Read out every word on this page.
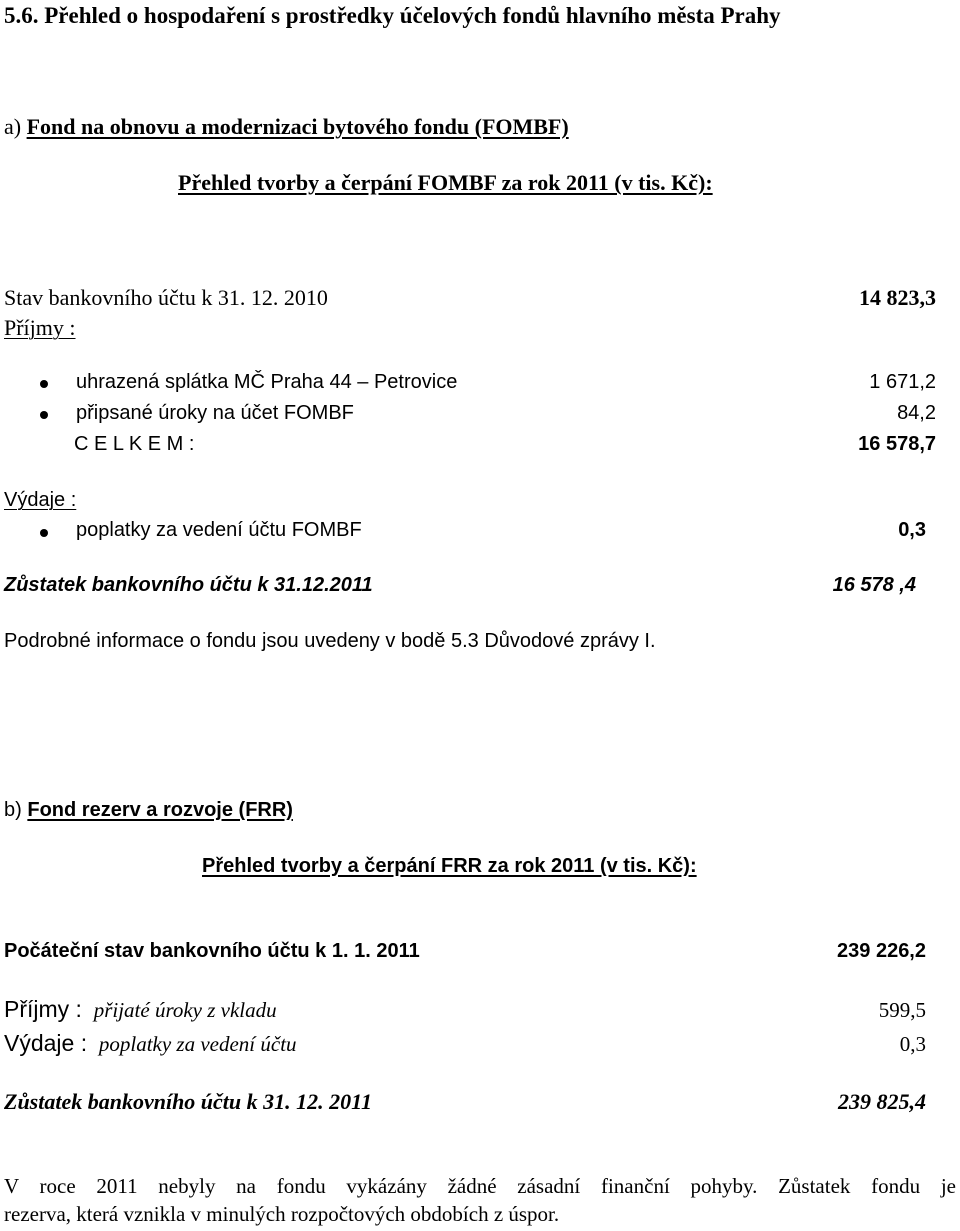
5.6. Přehled o hospodaření s prostředky účelových fondů hlavního města Prahy
a) Fond na obnovu a modernizaci bytového fondu (FOMBF)
Přehled tvorby a čerpání FOMBF za rok 2011 (v tis. Kč):
Stav bankovního účtu k 31. 12. 2010	14 823,3
Příjmy :
uhrazená splátka MČ Praha 44 – Petrovice	1 671,2
připsané úroky na účet FOMBF	84,2
C E L K E M :	16 578,7
Výdaje :
poplatky za vedení účtu FOMBF	0,3
Zůstatek bankovního účtu k 31.12.2011	16 578 ,4
Podrobné informace o fondu jsou uvedeny v bodě 5.3 Důvodové zprávy I.
b) Fond rezerv a rozvoje (FRR)
Přehled tvorby a čerpání FRR za rok 2011 (v tis. Kč):
Počáteční stav bankovního účtu k 1. 1. 2011	239 226,2
Příjmy : přijaté úroky z vkladu	599,5
Výdaje : poplatky za vedení účtu	0,3
Zůstatek bankovního účtu k 31. 12. 2011	239 825,4
V roce 2011 nebyly na fondu vykázány žádné zásadní finanční pohyby. Zůstatek fondu je
rezerva, která vznikla v minulých rozpočtových obdobích z úspor.
